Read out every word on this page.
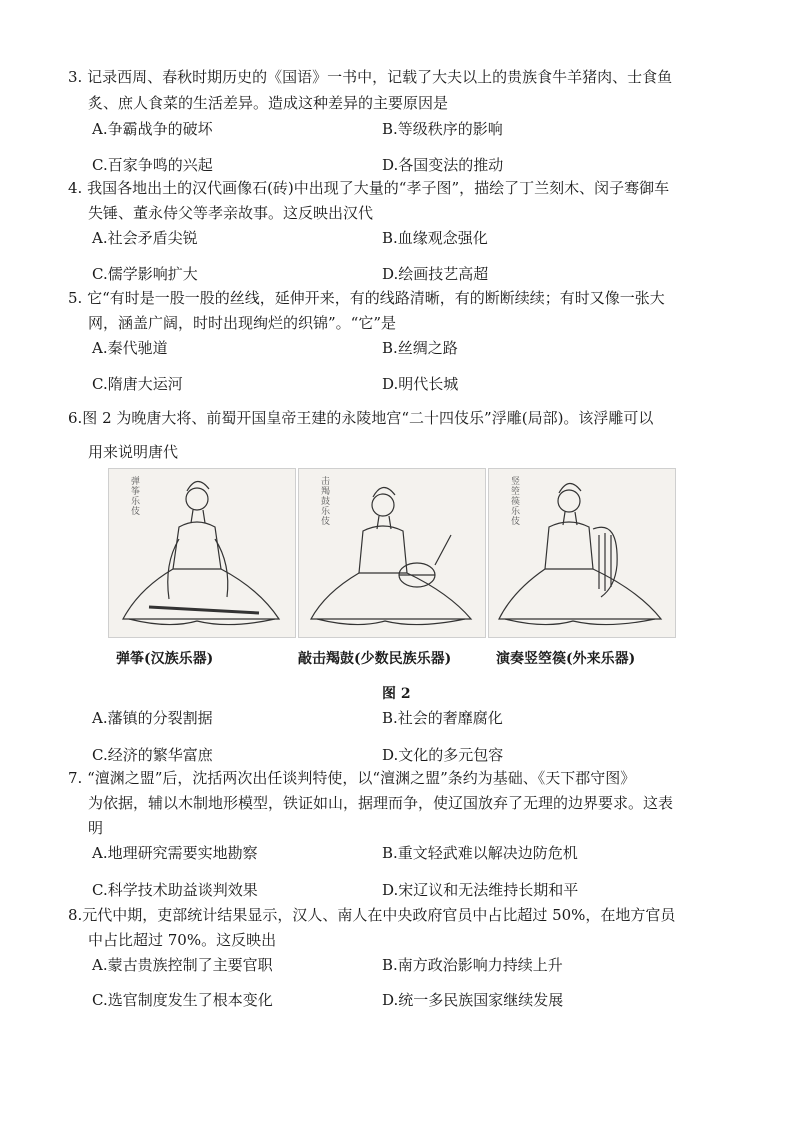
3. 记录西周、春秋时期历史的《国语》一书中，记载了大夫以上的贵族食牛羊猪肉、士食鱼
炙、庶人食菜的生活差异。造成这种差异的主要原因是
A.争霸战争的破坏	B.等级秩序的影响
C.百家争鸣的兴起	D.各国变法的推动
4. 我国各地出土的汉代画像石(砖)中出现了大量的“孝子图”，描绘了丁兰刻木、闵子骞御车
失锤、董永侍父等孝亲故事。这反映出汉代
A.社会矛盾尖锐	B.血缘观念强化
C.儒学影响扩大	D.绘画技艺高超
5. 它“有时是一股一股的丝线，延伸开来，有的线路清晰，有的断断续续；有时又像一张大
网，涵盖广阔，时时出现绚烂的织锦”。“它”是
A.秦代驰道	B.丝绸之路
C.隋唐大运河	D.明代长城
6.图 2 为晚唐大将、前蜀开国皇帝王建的永陵地宫“二十四伎乐”浮雕(局部)。该浮雕可以
用来说明唐代
弹筝乐伎
击羯鼓乐伎
竖箜篌乐伎
弹筝(汉族乐器)	敲击羯鼓(少数民族乐器)	演奏竖箜篌(外来乐器)
图 2
A.藩镇的分裂割据	B.社会的奢靡腐化
C.经济的繁华富庶	D.文化的多元包容
7. “澶渊之盟”后，沈括两次出任谈判特使，以“澶渊之盟”条约为基础、《天下郡守图》
为依据，辅以木制地形模型，铁证如山，据理而争，使辽国放弃了无理的边界要求。这表
明
A.地理研究需要实地勘察	B.重文轻武难以解决边防危机
C.科学技术助益谈判效果	D.宋辽议和无法维持长期和平
8.元代中期，吏部统计结果显示，汉人、南人在中央政府官员中占比超过 50%，在地方官员
中占比超过 70%。这反映出
A.蒙古贵族控制了主要官职	B.南方政治影响力持续上升
C.选官制度发生了根本变化	D.统一多民族国家继续发展
